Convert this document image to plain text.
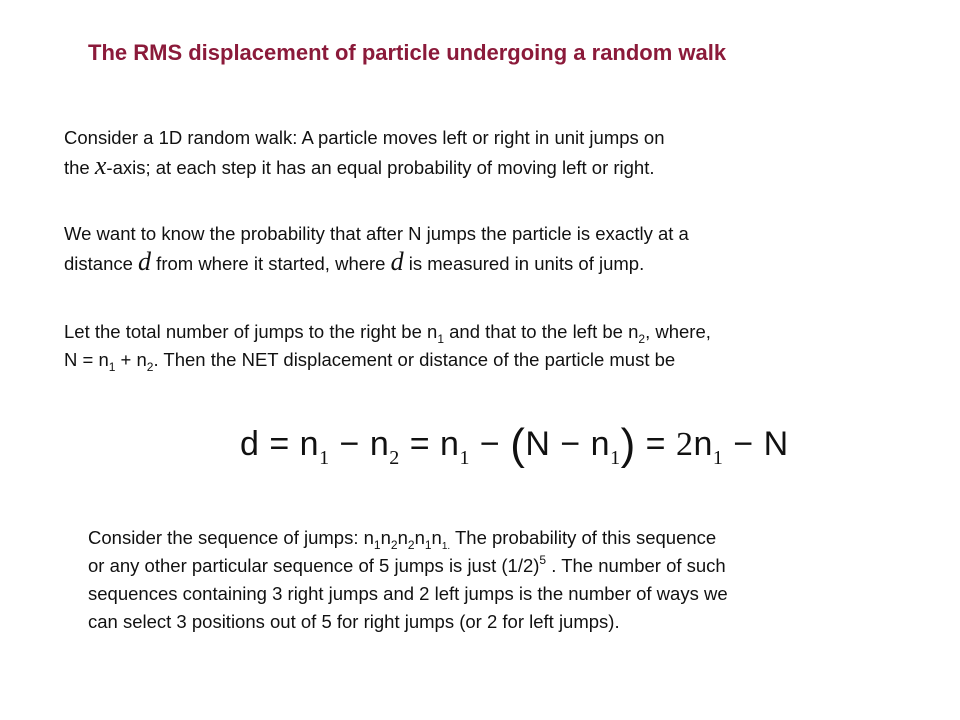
The RMS displacement of particle undergoing a random walk
Consider a 1D random walk: A particle moves left or right in unit jumps on
the x-axis; at each step it has an equal probability of moving left or right.
We want to know the probability that after N jumps the particle is exactly at a
distance d from where it started, where d is measured in units of jump.
Let the total number of jumps to the right be $n_1$ and that to the left be $n_2$, where,
$N = n_1 + n_2$. Then the NET displacement or distance of the particle must be
$d = n_1 - n_2 = n_1 - (N - n_1) = 2n_1 - N$
Consider the sequence of jumps: $n_1n_2n_2n_1n_{1.}$ The probability of this sequence
or any other particular sequence of 5 jumps is just $(1/2)^5$ . The number of such
sequences containing 3 right jumps and 2 left jumps is the number of ways we
can select 3 positions out of 5 for right jumps (or 2 for left jumps).
